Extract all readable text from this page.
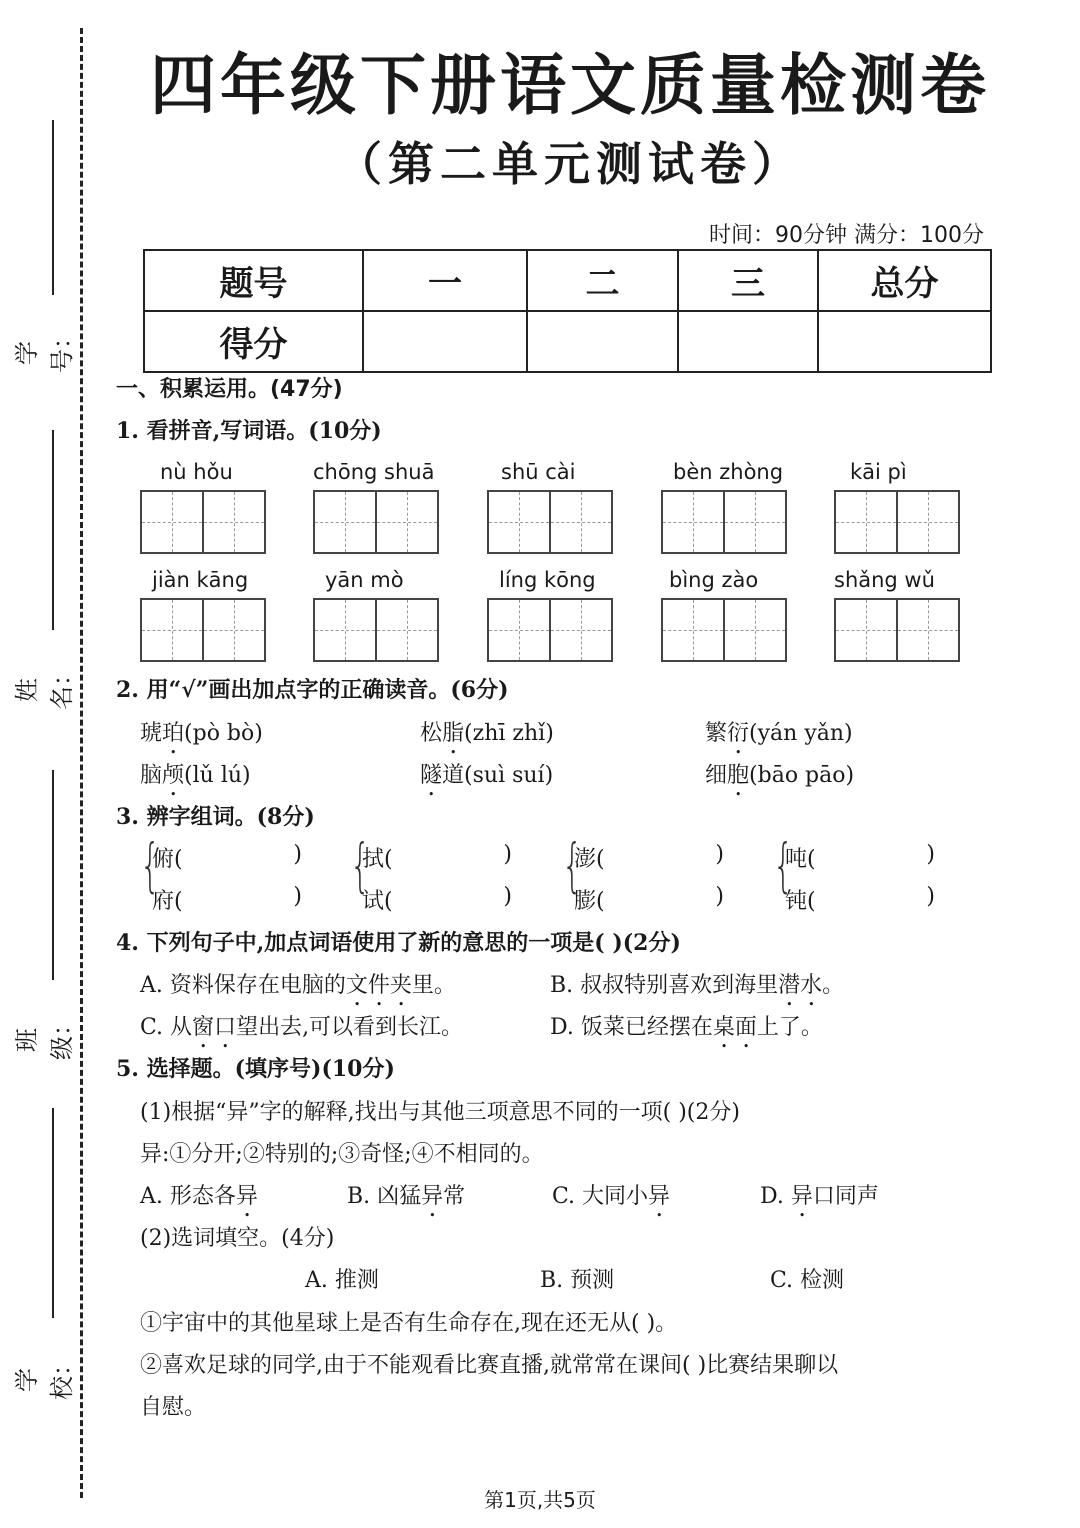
学号：
姓名：
班级：
学校：
四年级下册语文质量检测卷
（第二单元测试卷）
时间：90分钟 满分：100分
题号	一	二	三	总分
得分				
一、积累运用。(47分)
1. 看拼音,写词语。(10分)
nù hǒu	chōng shuā	shū cài	bèn zhòng	kāi pì
jiàn kāng	yān mò	líng kōng	bìng zào	shǎng wǔ
2. 用“√”画出加点字的正确读音。(6分)
琥珀(pò bò)	松脂(zhī zhǐ)	繁衍(yán yǎn)
脑颅(lǔ lú)	隧道(suì suí)	细胞(bāo pāo)
3. 辨字组词。(8分)
{
俯(	)
府(	) {
拭(	)
试(	) {
澎(	)
膨(	) {
吨(	)
钝(	)
4. 下列句子中,加点词语使用了新的意思的一项是( )(2分)
A. 资料保存在电脑的文件夹里。	B. 叔叔特别喜欢到海里潜水。
C. 从窗口望出去,可以看到长江。	D. 饭菜已经摆在桌面上了。
5. 选择题。(填序号)(10分)
(1)根据“异”字的解释,找出与其他三项意思不同的一项( )(2分)
异:①分开;②特别的;③奇怪;④不相同的。
A. 形态各异	B. 凶猛异常	C. 大同小异	D. 异口同声
(2)选词填空。(4分)
A. 推测	B. 预测	C. 检测
①宇宙中的其他星球上是否有生命存在,现在还无从( )。
②喜欢足球的同学,由于不能观看比赛直播,就常常在课间( )比赛结果聊以
自慰。
第1页,共5页
